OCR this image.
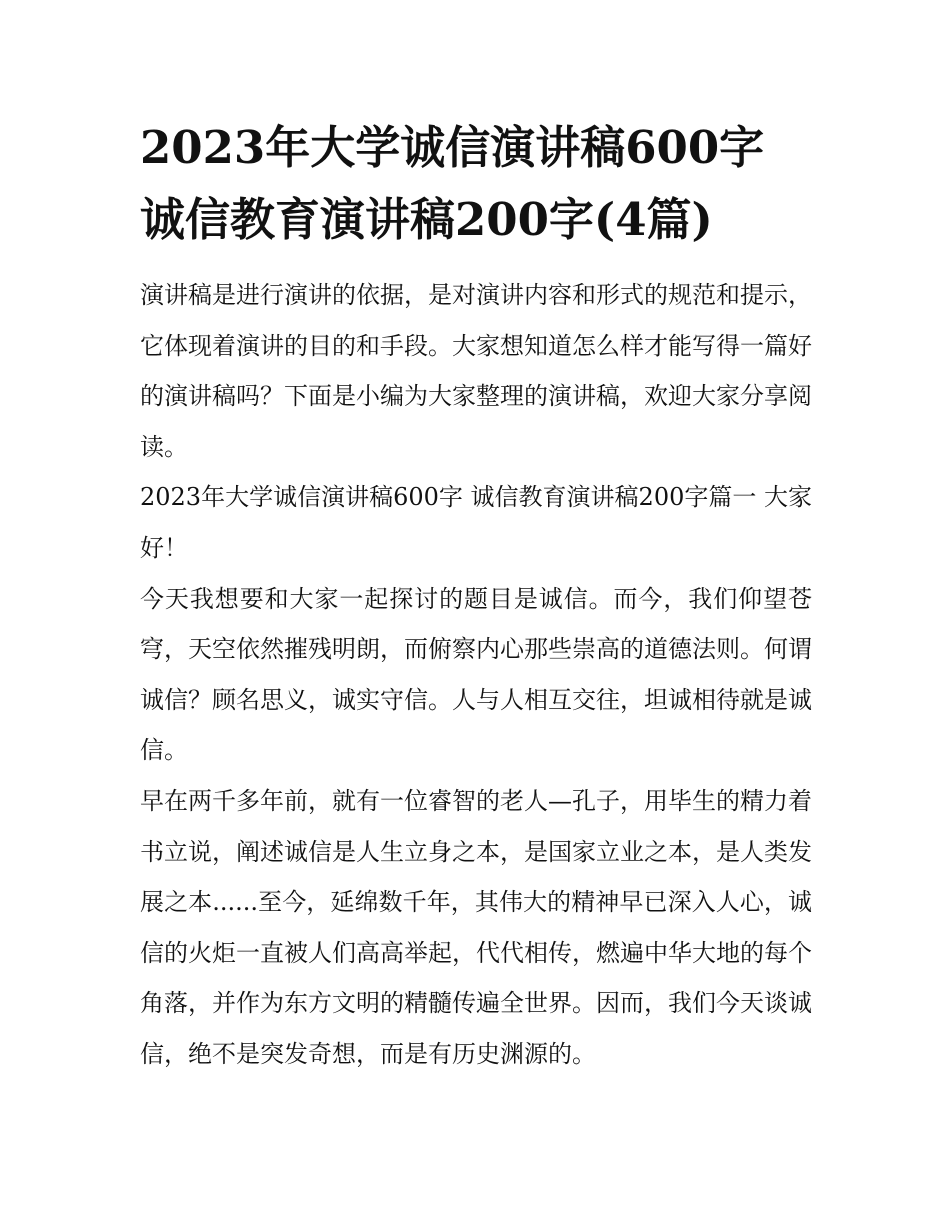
2023年大学诚信演讲稿600字 诚信教育演讲稿200字(4篇)

演讲稿是进行演讲的依据，是对演讲内容和形式的规范和提示，它体现着演讲的目的和手段。大家想知道怎么样才能写得一篇好的演讲稿吗？下面是小编为大家整理的演讲稿，欢迎大家分享阅读。

2023年大学诚信演讲稿600字 诚信教育演讲稿200字篇一 大家好！

今天我想要和大家一起探讨的题目是诚信。而今，我们仰望苍穹，天空依然摧残明朗，而俯察内心那些崇高的道德法则。何谓诚信？顾名思义，诚实守信。人与人相互交往，坦诚相待就是诚信。

早在两千多年前，就有一位睿智的老人—孔子，用毕生的精力着书立说，阐述诚信是人生立身之本，是国家立业之本，是人类发展之本......至今，延绵数千年，其伟大的精神早已深入人心，诚信的火炬一直被人们高高举起，代代相传，燃遍中华大地的每个角落，并作为东方文明的精髓传遍全世界。因而，我们今天谈诚信，绝不是突发奇想，而是有历史渊源的。
